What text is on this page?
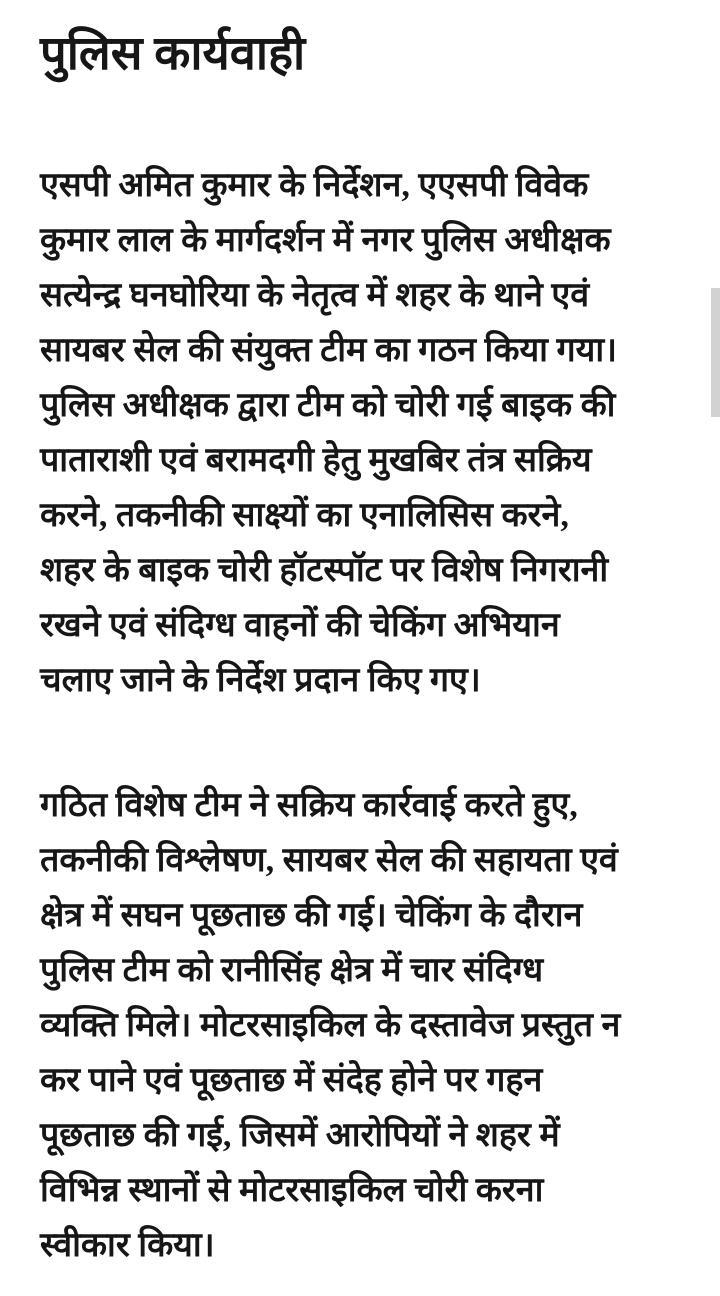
पुलिस कार्यवाही

एसपी अमित कुमार के निर्देशन, एएसपी विवेक
कुमार लाल के मार्गदर्शन में नगर पुलिस अधीक्षक
सत्येन्द्र घनघोरिया के नेतृत्व में शहर के थाने एवं
सायबर सेल की संयुक्त टीम का गठन किया गया।
पुलिस अधीक्षक द्वारा टीम को चोरी गई बाइक की
पाताराशी एवं बरामदगी हेतु मुखबिर तंत्र सक्रिय
करने, तकनीकी साक्ष्यों का एनालिसिस करने,
शहर के बाइक चोरी हॉटस्पॉट पर विशेष निगरानी
रखने एवं संदिग्ध वाहनों की चेकिंग अभियान
चलाए जाने के निर्देश प्रदान किए गए।

गठित विशेष टीम ने सक्रिय कार्रवाई करते हुए,
तकनीकी विश्लेषण, सायबर सेल की सहायता एवं
क्षेत्र में सघन पूछताछ की गई। चेकिंग के दौरान
पुलिस टीम को रानीसिंह क्षेत्र में चार संदिग्ध
व्यक्ति मिले। मोटरसाइकिल के दस्तावेज प्रस्तुत न
कर पाने एवं पूछताछ में संदेह होने पर गहन
पूछताछ की गई, जिसमें आरोपियों ने शहर में
विभिन्न स्थानों से मोटरसाइकिल चोरी करना
स्वीकार किया।
